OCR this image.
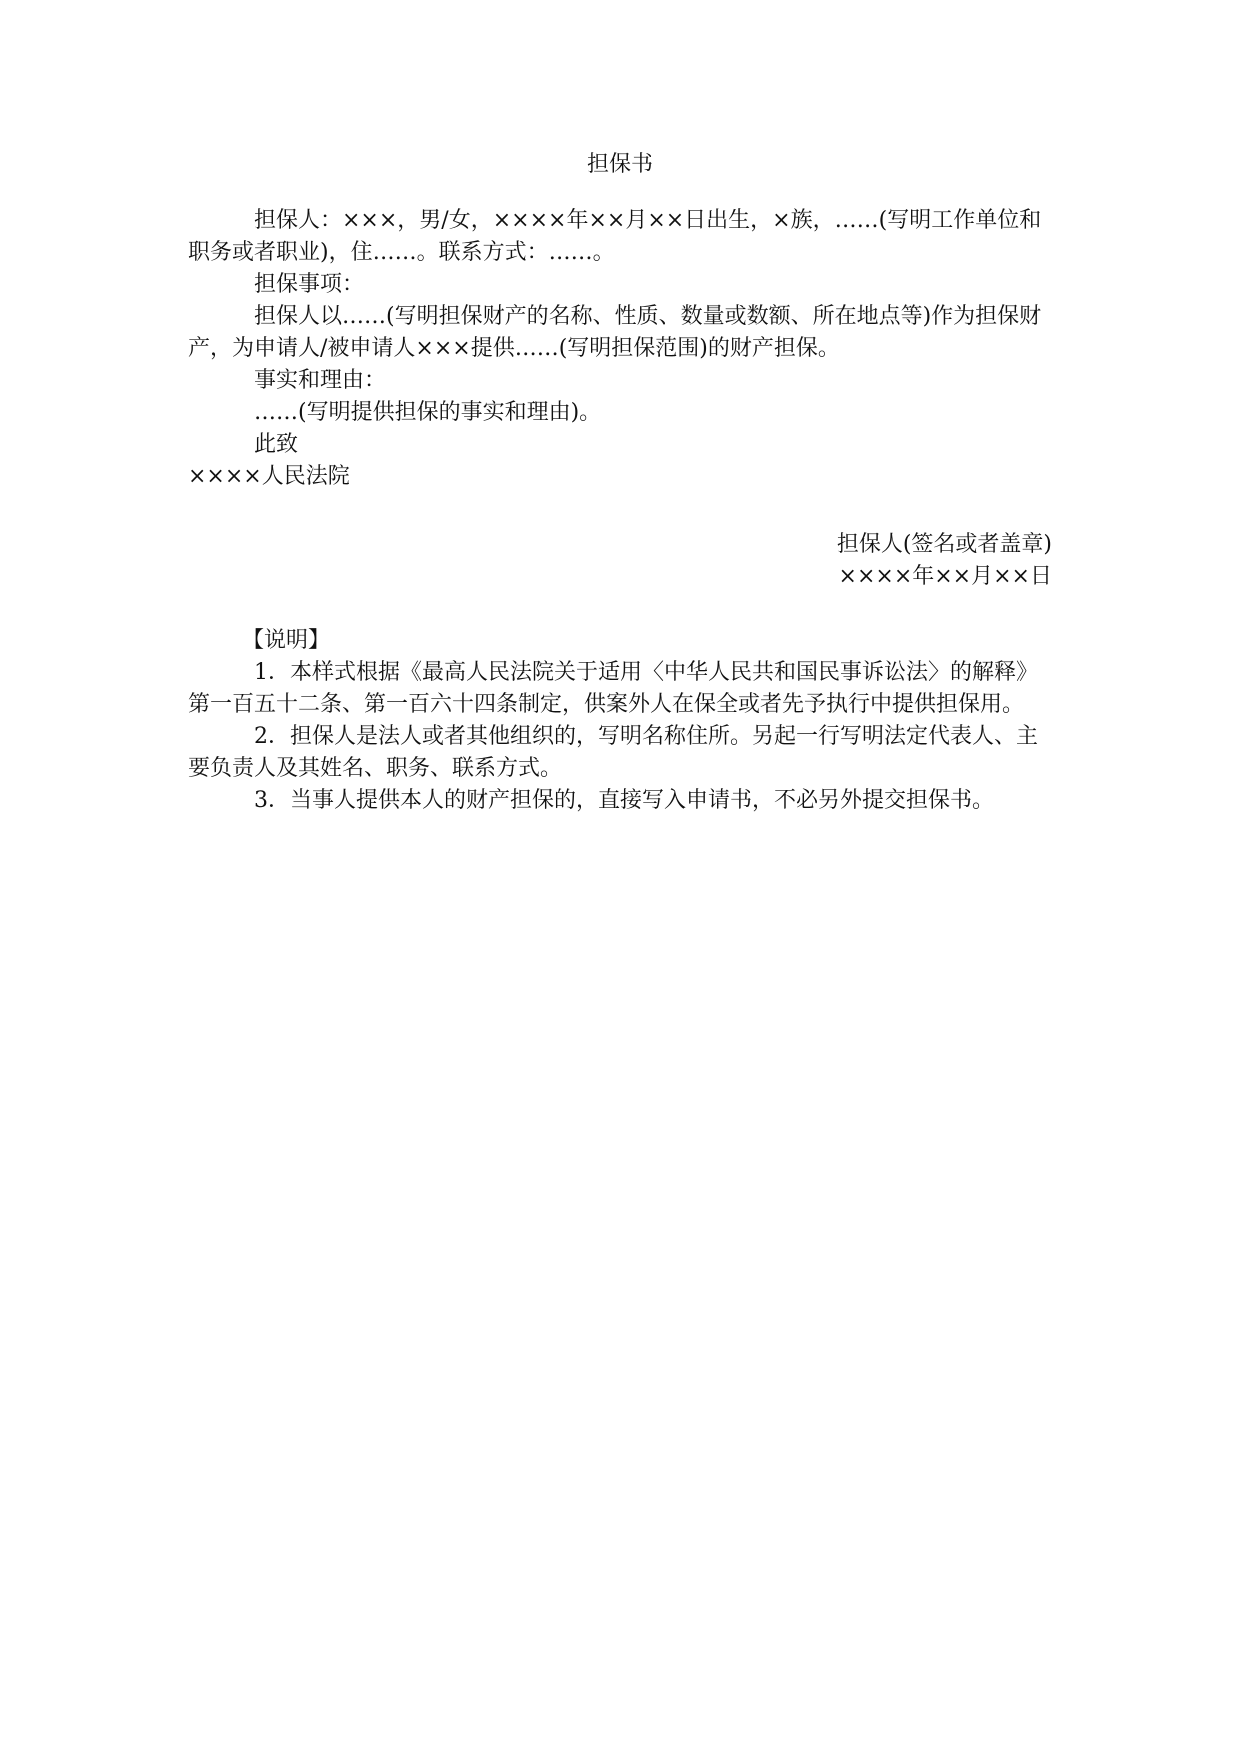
担保书

担保人：×××，男/女，××××年××月××日出生，×族，……(写明工作单位和职务或者职业)，住……。联系方式：……。

担保事项：

担保人以……(写明担保财产的名称、性质、数量或数额、所在地点等)作为担保财产，为申请人/被申请人×××提供……(写明担保范围)的财产担保。

事实和理由：

……(写明提供担保的事实和理由)。

此致

××××人民法院

担保人(签名或者盖章)

××××年××月××日

【说明】

1．本样式根据《最高人民法院关于适用〈中华人民共和国民事诉讼法〉的解释》第一百五十二条、第一百六十四条制定，供案外人在保全或者先予执行中提供担保用。

2．担保人是法人或者其他组织的，写明名称住所。另起一行写明法定代表人、主要负责人及其姓名、职务、联系方式。

3．当事人提供本人的财产担保的，直接写入申请书，不必另外提交担保书。
